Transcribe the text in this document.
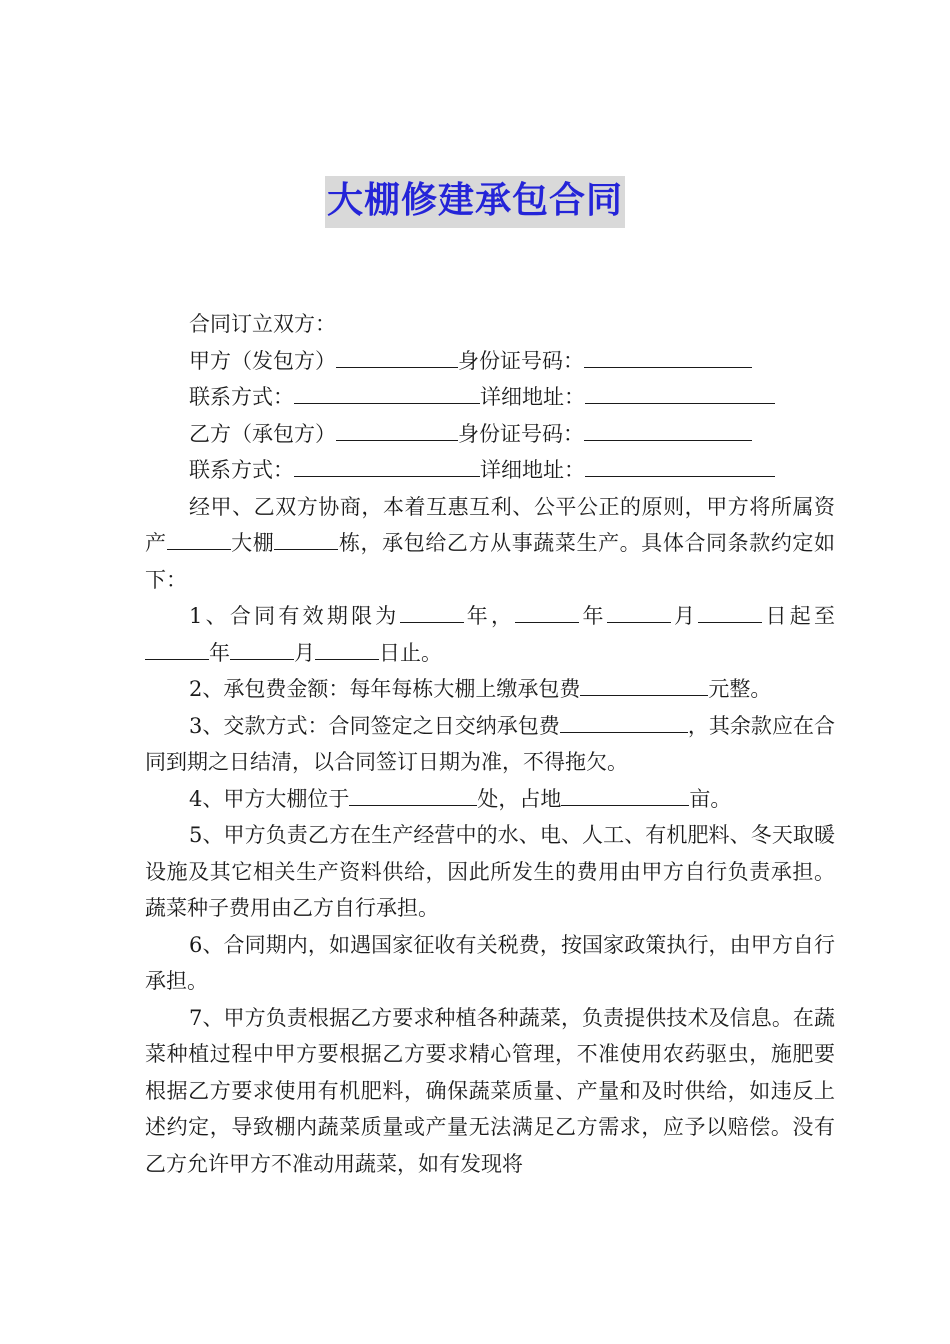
大棚修建承包合同
合同订立双方：
甲方（发包方）	身份证号码：
联系方式：	详细地址：
乙方（承包方）	身份证号码：
联系方式：	详细地址：

经甲、乙双方协商，本着互惠互利、公平公正的原则，甲方将所属资产	大棚	栋，承包给乙方从事蔬菜生产。具体合同条款约定如下：

1、合同有效期限为	年，	年	月	日起至年	月	日止。

2、承包费金额：每年每栋大棚上缴承包费	元整。

3、交款方式：合同签定之日交纳承包费	，其余款应在合同到期之日结清，以合同签订日期为准，不得拖欠。

4、甲方大棚位于	处，占地	亩。

5、甲方负责乙方在生产经营中的水、电、人工、有机肥料、冬天取暖设施及其它相关生产资料供给，因此所发生的费用由甲方自行负责承担。蔬菜种子费用由乙方自行承担。

6、合同期内，如遇国家征收有关税费，按国家政策执行，由甲方自行承担。

7、甲方负责根据乙方要求种植各种蔬菜，负责提供技术及信息。在蔬菜种植过程中甲方要根据乙方要求精心管理，不准使用农药驱虫，施肥要根据乙方要求使用有机肥料，确保蔬菜质量、产量和及时供给，如违反上述约定，导致棚内蔬菜质量或产量无法满足乙方需求，应予以赔偿。没有乙方允许甲方不准动用蔬菜，如有发现将
